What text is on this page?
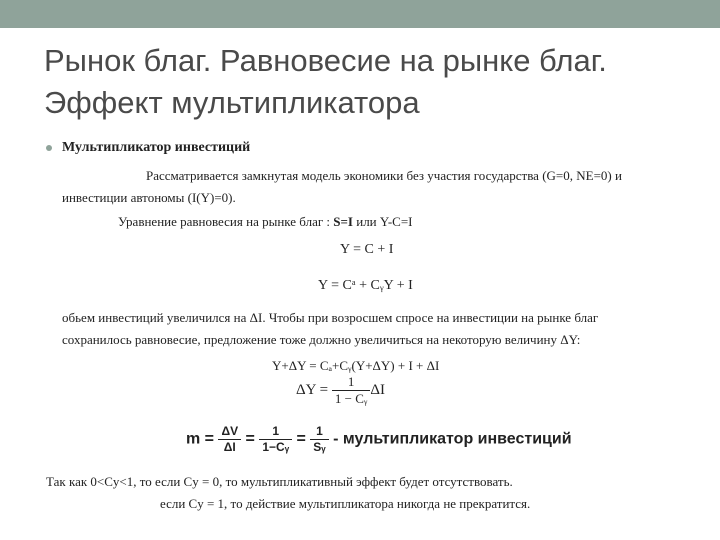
Рынок благ. Равновесие на рынке благ.
Эффект мультипликатора
Мультипликатор инвестиций
Рассматривается замкнутая модель экономики без участия государства (G=0, NE=0) и
инвестиции автономы (I(Y)=0).
Уравнение равновесия на рынке благ : S=I или Y-C=I
Y = C + I
Y = Cᵃ + CᵧY + I
обьем инвестиций увеличился на ΔI. Чтобы при возросшем спросе на инвестиции на рынке благ
сохранилось равновесие, предложение тоже должно увеличиться на некоторую величину ΔY:
Y+ΔY = Cₐ+Cᵧ(Y+ΔY) + I + ΔI
$\Delta Y = \frac{1}{\text{1 − Cᵧ}}$ ΔI
$m = \frac{\Delta V}{\Delta I} = \frac{1}{\text{1−Cᵧ}} = \frac{1}{\text{Sᵧ}}$ - мультипликатор инвестиций
Так как 0<Cy<1, то если Cy = 0, то мультипликативный эффект будет отсутствовать.
если Cy = 1, то действие мультипликатора никогда не прекратится.
